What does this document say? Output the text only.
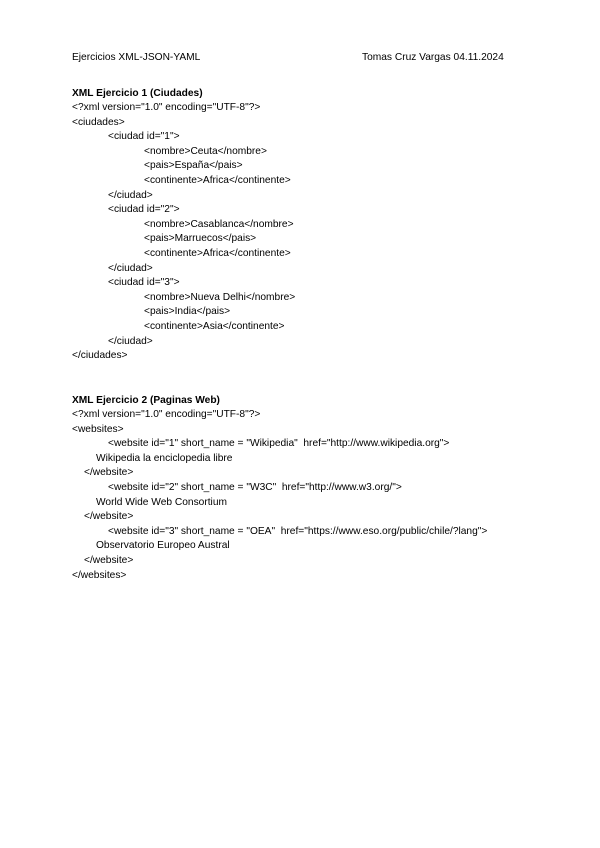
Ejercicios XML-JSON-YAML	Tomas Cruz Vargas 04.11.2024
XML Ejercicio 1 (Ciudades)
<?xml version="1.0" encoding="UTF-8"?>
<ciudades>
<ciudad id="1">
<nombre>Ceuta</nombre>
<pais>España</pais>
<continente>Africa</continente>
</ciudad>
<ciudad id="2">
<nombre>Casablanca</nombre>
<pais>Marruecos</pais>
<continente>Africa</continente>
</ciudad>
<ciudad id="3">
<nombre>Nueva Delhi</nombre>
<pais>India</pais>
<continente>Asia</continente>
</ciudad>
</ciudades>
XML Ejercicio 2 (Paginas Web)
<?xml version="1.0" encoding="UTF-8"?>
<websites>
<website id="1" short_name = "Wikipedia"  href="http://www.wikipedia.org">
Wikipedia la enciclopedia libre
</website>
<website id="2" short_name = "W3C"  href="http://www.w3.org/">
World Wide Web Consortium
</website>
<website id="3" short_name = "OEA"  href="https://www.eso.org/public/chile/?lang">
Observatorio Europeo Austral
</website>
</websites>
